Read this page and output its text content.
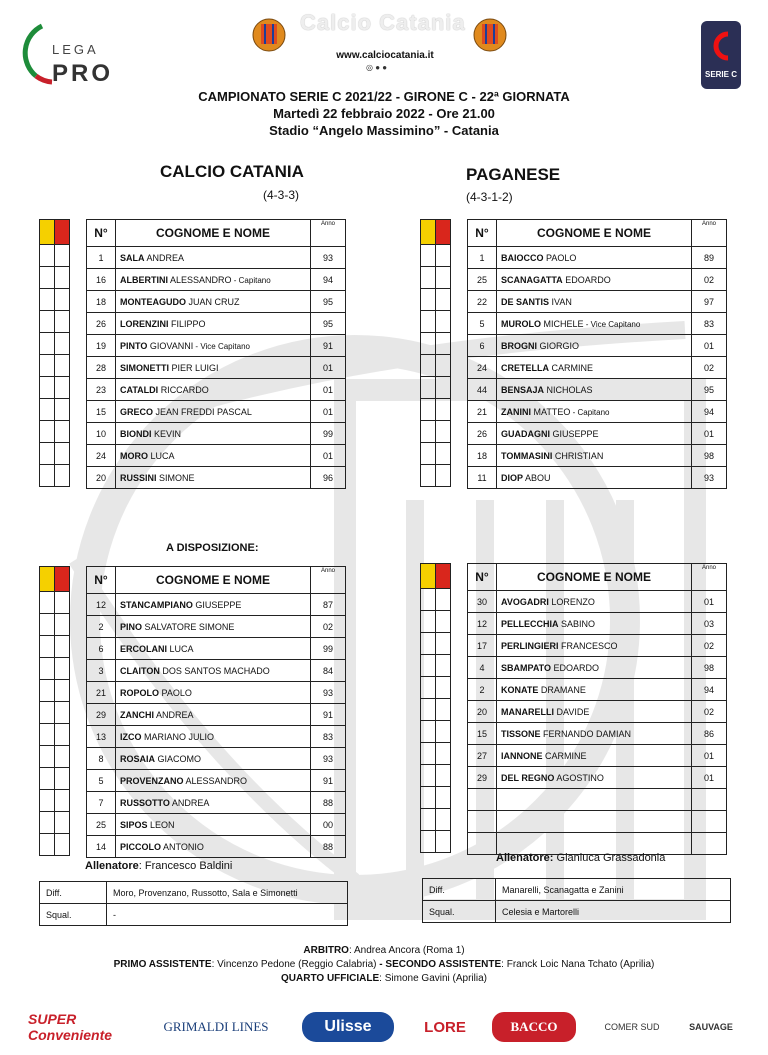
LEGA
PRO
Calcio Catania
www.calciocatania.it
◎ ● ●
SERIE C
CAMPIONATO SERIE C 2021/22 - GIRONE C - 22ª GIORNATA
Martedì 22 febbraio 2022 - Ore 21.00
Stadio “Angelo Massimino” - Catania
CALCIO CATANIA
(4-3-3)
PAGANESE
(4-3-1-2)

N°	COGNOME E NOME	Anno
1	SALA ANDREA	93
16	ALBERTINI ALESSANDRO - Capitano	94
18	MONTEAGUDO JUAN CRUZ	95
26	LORENZINI FILIPPO	95
19	PINTO GIOVANNI - Vice Capitano	91
28	SIMONETTI PIER LUIGI	01
23	CATALDI RICCARDO	01
15	GRECO JEAN FREDDI PASCAL	01
10	BIONDI KEVIN	99
24	MORO LUCA	01
20	RUSSINI SIMONE	96

N°	COGNOME E NOME	Anno
1	BAIOCCO PAOLO	89
25	SCANAGATTA EDOARDO	02
22	DE SANTIS IVAN	97
5	MUROLO MICHELE - Vice Capitano	83
6	BROGNI GIORGIO	01
24	CRETELLA CARMINE	02
44	BENSAJA NICHOLAS	95
21	ZANINI MATTEO - Capitano	94
26	GUADAGNI GIUSEPPE	01
18	TOMMASINI CHRISTIAN	98
11	DIOP ABOU	93
A DISPOSIZIONE:

N°	COGNOME E NOME	Anno
12	STANCAMPIANO GIUSEPPE	87
2	PINO SALVATORE SIMONE	02
6	ERCOLANI LUCA	99
3	CLAITON DOS SANTOS MACHADO	84
21	ROPOLO PAOLO	93
29	ZANCHI ANDREA	91
13	IZCO MARIANO JULIO	83
8	ROSAIA GIACOMO	93
5	PROVENZANO ALESSANDRO	91
7	RUSSOTTO ANDREA	88
25	SIPOS LEON	00
14	PICCOLO ANTONIO	88

N°	COGNOME E NOME	Anno
30	AVOGADRI LORENZO	01
12	PELLECCHIA SABINO	03
17	PERLINGIERI FRANCESCO	02
4	SBAMPATO EDOARDO	98
2	KONATE DRAMANE	94
20	MANARELLI DAVIDE	02
15	TISSONE FERNANDO DAMIAN	86
27	IANNONE CARMINE	01
29	DEL REGNO AGOSTINO	01

Allenatore: Francesco Baldini
Allenatore: Gianluca Grassadonia
Diff.	Moro, Provenzano, Russotto, Sala e Simonetti
Squal.	-
Diff.	Manarelli, Scanagatta e Zanini
Squal.	Celesia e Martorelli
ARBITRO: Andrea Ancora (Roma 1)
PRIMO ASSISTENTE: Vincenzo Pedone (Reggio Calabria) - SECONDO ASSISTENTE: Franck Loic Nana Tchato (Aprilia)
QUARTO UFFICIALE: Simone Gavini (Aprilia)
SUPER Conveniente
GRIMALDI LINES	Ulisse	LORE	BACCO	COMER SUD	SAUVAGE
